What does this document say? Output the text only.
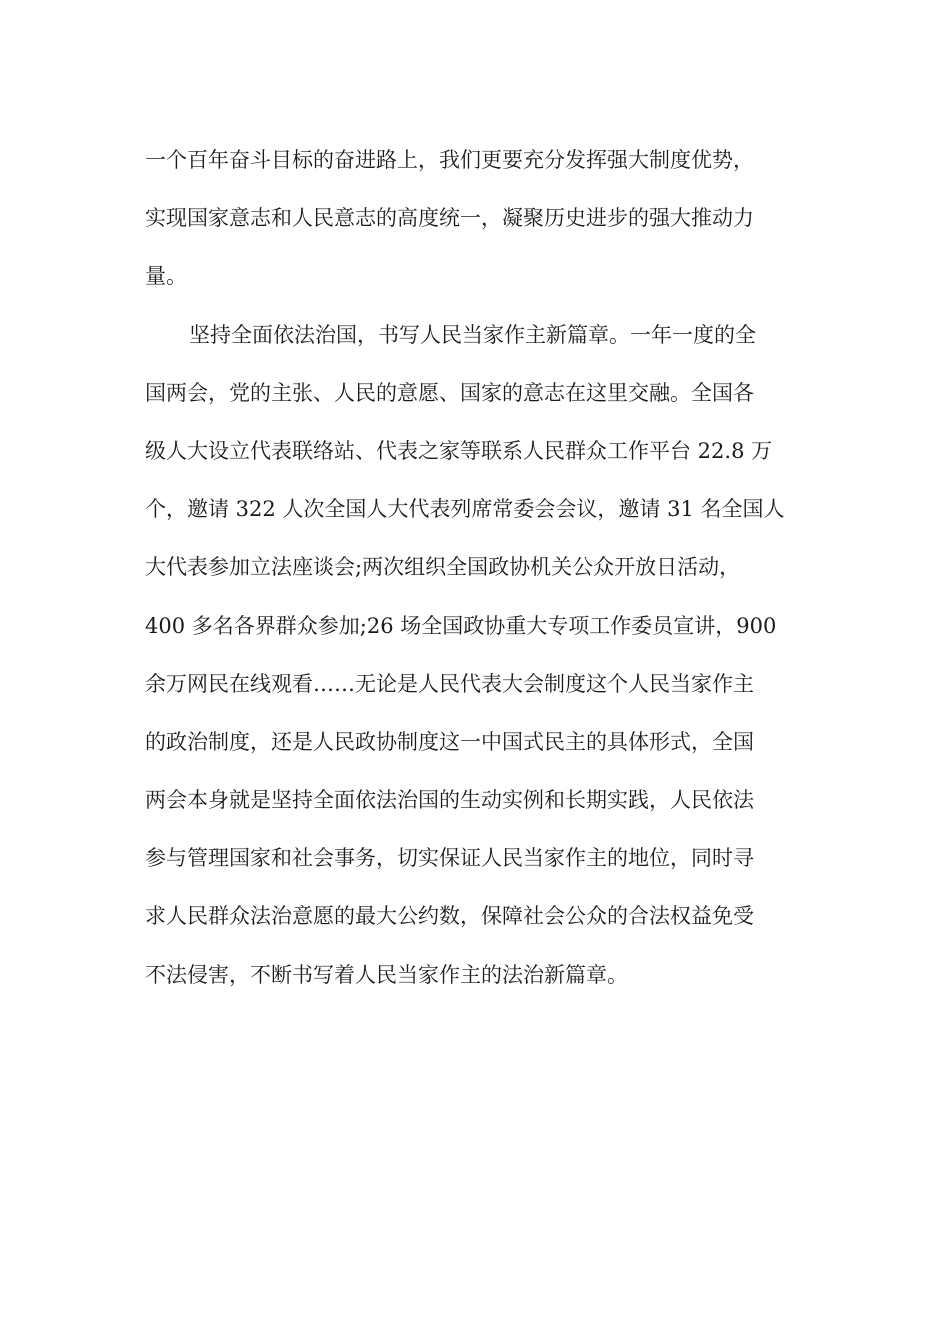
一个百年奋斗目标的奋进路上，我们更要充分发挥强大制度优势，
实现国家意志和人民意志的高度统一，凝聚历史进步的强大推动力
量。
坚持全面依法治国，书写人民当家作主新篇章。一年一度的全
国两会，党的主张、人民的意愿、国家的意志在这里交融。全国各
级人大设立代表联络站、代表之家等联系人民群众工作平台 22.8 万
个，邀请 322 人次全国人大代表列席常委会会议，邀请 31 名全国人
大代表参加立法座谈会;两次组织全国政协机关公众开放日活动，
400 多名各界群众参加;26 场全国政协重大专项工作委员宣讲，900
余万网民在线观看……无论是人民代表大会制度这个人民当家作主
的政治制度，还是人民政协制度这一中国式民主的具体形式，全国
两会本身就是坚持全面依法治国的生动实例和长期实践，人民依法
参与管理国家和社会事务，切实保证人民当家作主的地位，同时寻
求人民群众法治意愿的最大公约数，保障社会公众的合法权益免受
不法侵害，不断书写着人民当家作主的法治新篇章。
